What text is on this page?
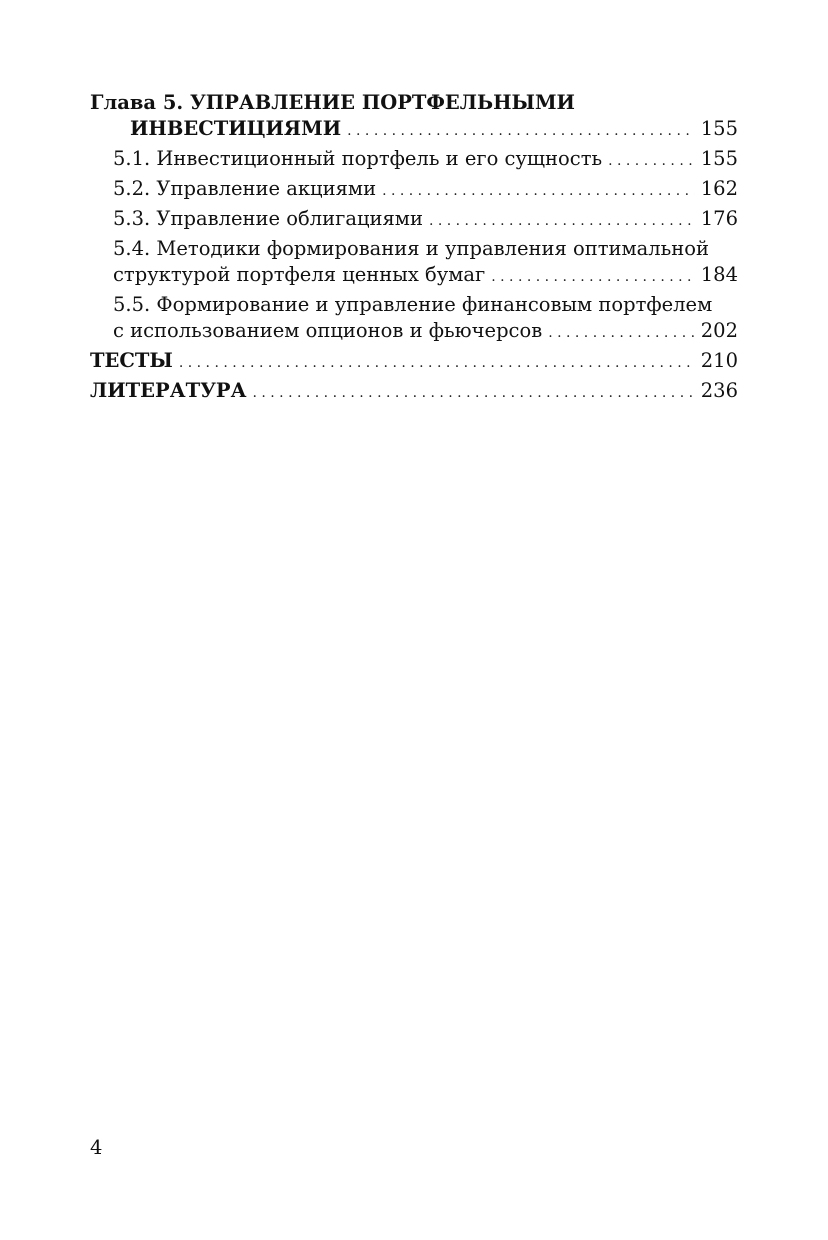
Глава 5. УПРАВЛЕНИЕ ПОРТФЕЛЬНЫМИ
ИНВЕСТИЦИЯМИ . . .	155
5.1. Инвестиционный портфель и его сущность . . .	155
5.2. Управление акциями . . .	162
5.3. Управление облигациями . . .	176
5.4. Методики формирования и управления оптимальной
структурой портфеля ценных бумаг . . .	184
5.5. Формирование и управление финансовым портфелем
с использованием опционов и фьючерсов . . .	202
ТЕСТЫ . . .	210
ЛИТЕРАТУРА . . .	236
4
